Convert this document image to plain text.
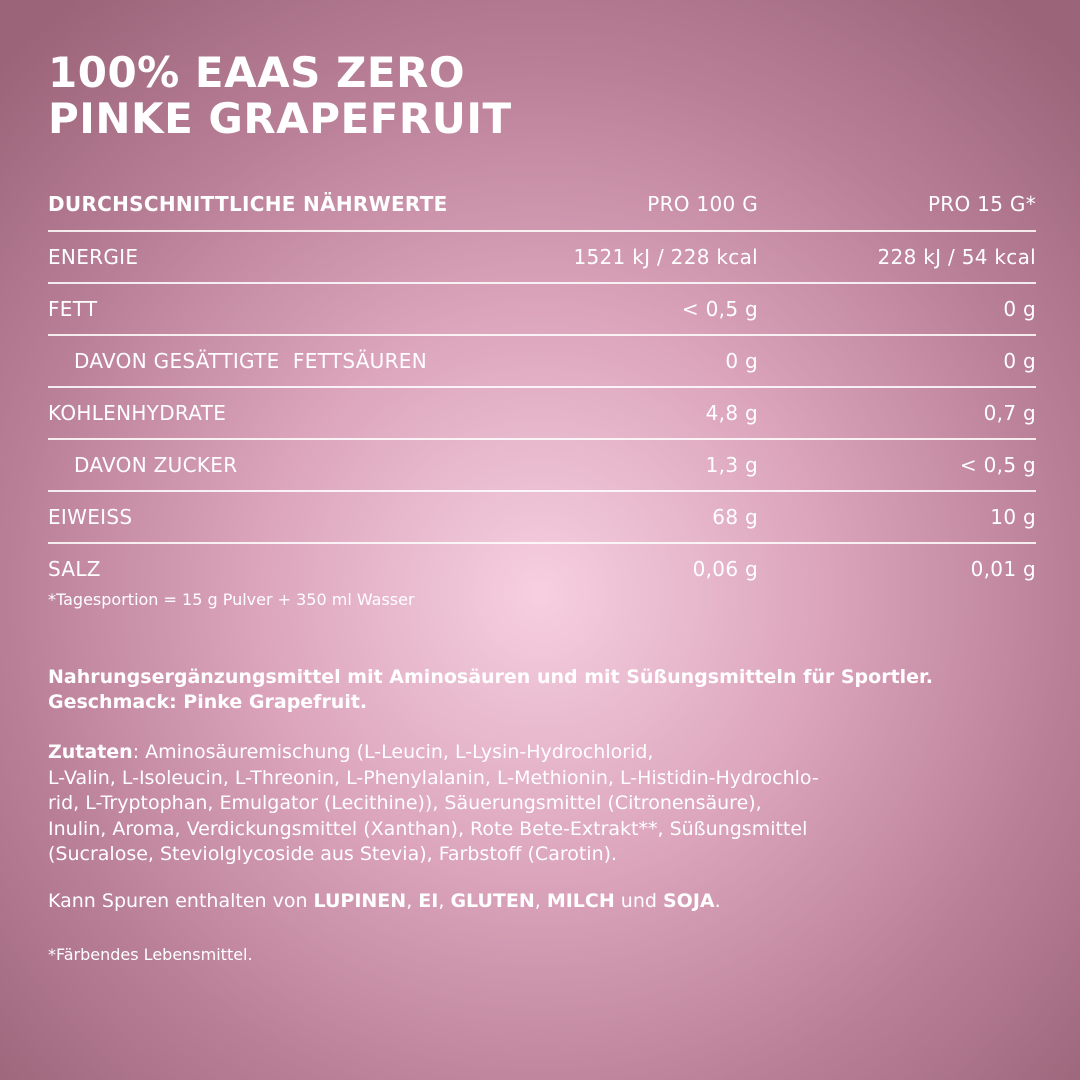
100% EAAS ZERO
PINKE GRAPEFRUIT
DURCHSCHNITTLICHE NÄHRWERTE	PRO 100 G	PRO 15 G*
ENERGIE	1521 kJ / 228 kcal	228 kJ / 54 kcal
FETT	< 0,5 g	0 g
DAVON GESÄTTIGTE  FETTSÄUREN	0 g	0 g
KOHLENHYDRATE	4,8 g	0,7 g
DAVON ZUCKER	1,3 g	< 0,5 g
EIWEISS	68 g	10 g
SALZ	0,06 g	0,01 g
*Tagesportion = 15 g Pulver + 350 ml Wasser
Nahrungsergänzungsmittel mit Aminosäuren und mit Süßungsmitteln für Sportler.
Geschmack: Pinke Grapefruit.
Zutaten: Aminosäuremischung (L-Leucin, L-Lysin-Hydrochlorid,
L-Valin, L-Isoleucin, L-Threonin, L-Phenylalanin, L-Methionin, L-Histidin-Hydrochlo-
rid, L-Tryptophan, Emulgator (Lecithine)), Säuerungsmittel (Citronensäure),
Inulin, Aroma, Verdickungsmittel (Xanthan), Rote Bete-Extrakt**, Süßungsmittel
(Sucralose, Steviolglycoside aus Stevia), Farbstoff (Carotin).
Kann Spuren enthalten von LUPINEN, EI, GLUTEN, MILCH und SOJA.
*Färbendes Lebensmittel.
